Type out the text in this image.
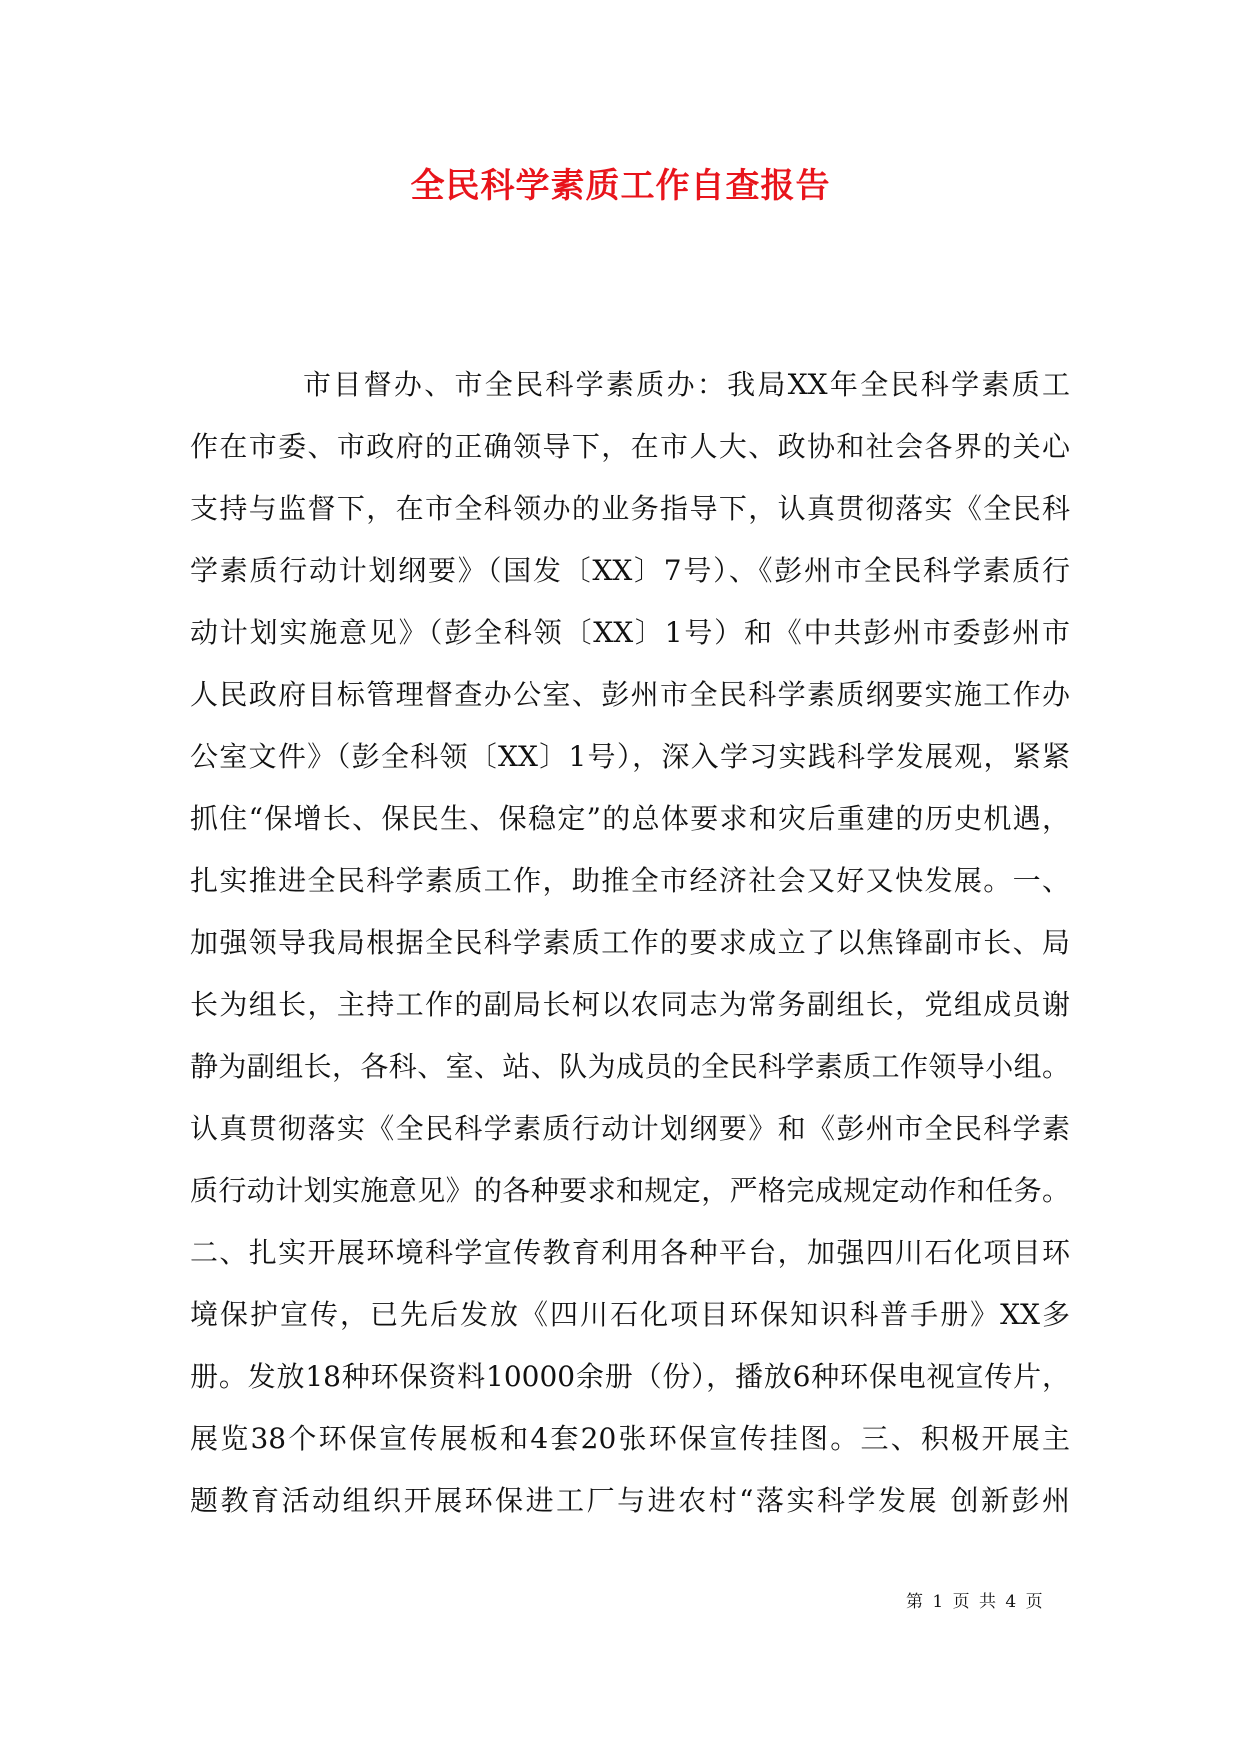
全民科学素质工作自查报告
市目督办、市全民科学素质办：我局XX年全民科学素质工
作在市委、市政府的正确领导下，在市人大、政协和社会各界的关心
支持与监督下，在市全科领办的业务指导下，认真贯彻落实《全民科
学素质行动计划纲要》（国发〔XX〕7号）、《彭州市全民科学素质行
动计划实施意见》（彭全科领〔XX〕1号）和《中共彭州市委彭州市
人民政府目标管理督查办公室、彭州市全民科学素质纲要实施工作办
公室文件》（彭全科领〔XX〕1号），深入学习实践科学发展观，紧紧
抓住“保增长、保民生、保稳定”的总体要求和灾后重建的历史机遇，
扎实推进全民科学素质工作，助推全市经济社会又好又快发展。一、
加强领导我局根据全民科学素质工作的要求成立了以焦锋副市长、局
长为组长，主持工作的副局长柯以农同志为常务副组长，党组成员谢
静为副组长，各科、室、站、队为成员的全民科学素质工作领导小组。
认真贯彻落实《全民科学素质行动计划纲要》和《彭州市全民科学素
质行动计划实施意见》的各种要求和规定，严格完成规定动作和任务。
二、扎实开展环境科学宣传教育利用各种平台，加强四川石化项目环
境保护宣传，已先后发放《四川石化项目环保知识科普手册》XX多
册。发放18种环保资料10000余册（份），播放6种环保电视宣传片，
展览38个环保宣传展板和4套20张环保宣传挂图。三、积极开展主
题教育活动组织开展环保进工厂与进农村“落实科学发展 创新彭州
第 1 页 共 4 页
